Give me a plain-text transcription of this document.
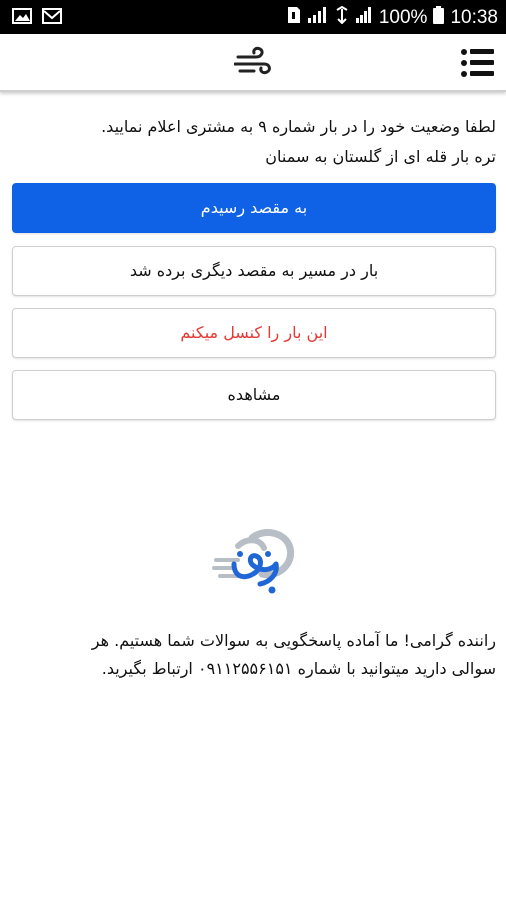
100% 10:38
لطفا وضعیت خود را در بار شماره ۹ به مشتری اعلام نمایید.
تره بار قله ای از گلستان به سمنان
به مقصد رسیدم
بار در مسیر به مقصد دیگری برده شد
این بار را کنسل میکنم
مشاهده
راننده گرامی! ما آماده پاسخگویی به سوالات شما هستیم. هر
سوالی دارید میتوانید با شماره ۰۹۱۱۲۵۵۶۱۵۱ ارتباط بگیرید.
